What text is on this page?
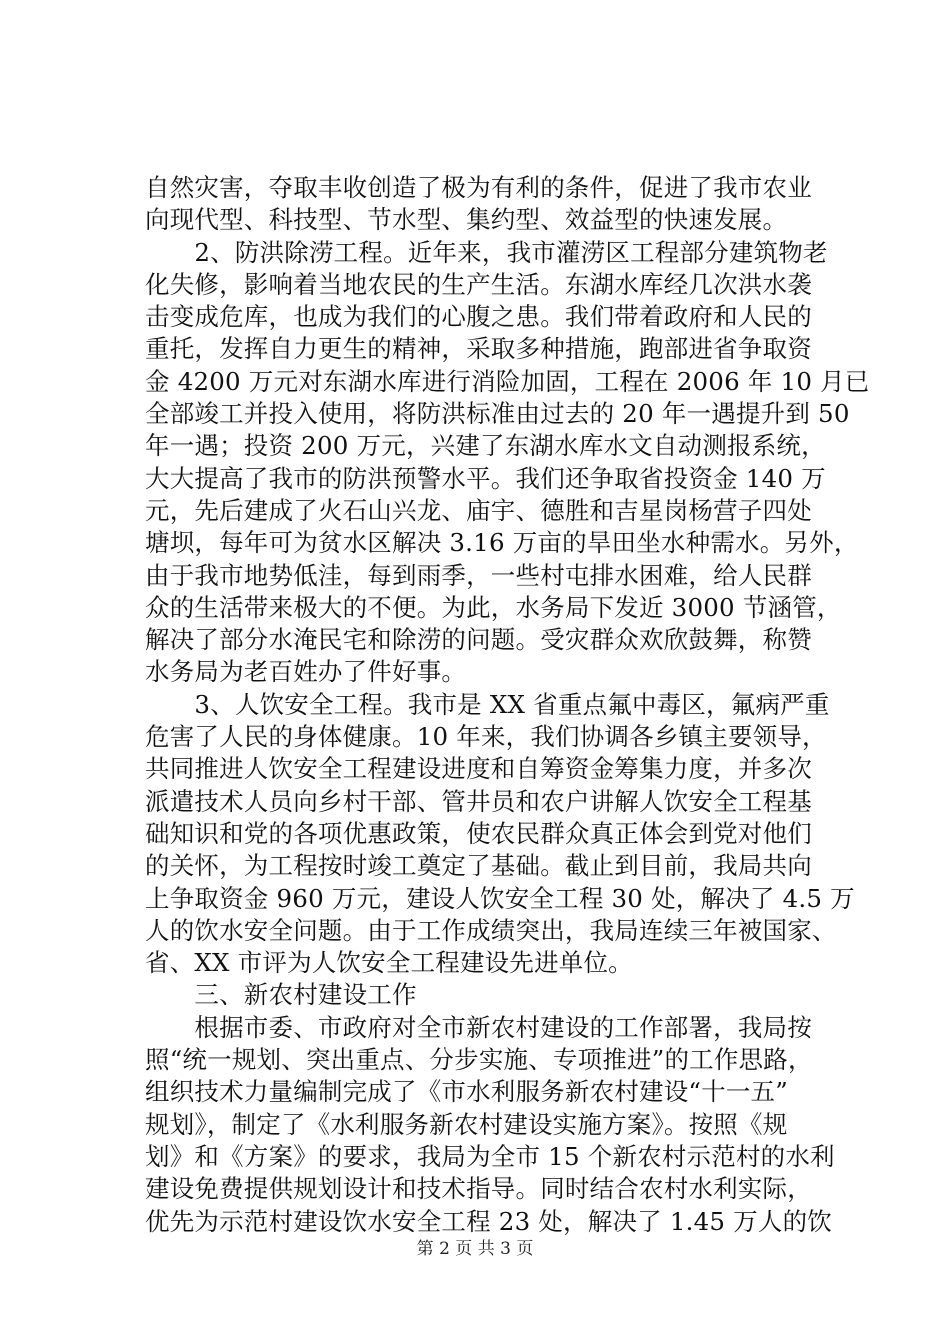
自然灾害，夺取丰收创造了极为有利的条件，促进了我市农业
向现代型、科技型、节水型、集约型、效益型的快速发展。
　　2、防洪除涝工程。近年来，我市灌涝区工程部分建筑物老
化失修，影响着当地农民的生产生活。东湖水库经几次洪水袭
击变成危库，也成为我们的心腹之患。我们带着政府和人民的
重托，发挥自力更生的精神，采取多种措施，跑部进省争取资
金 4200 万元对东湖水库进行消险加固，工程在 2006 年 10 月已
全部竣工并投入使用，将防洪标准由过去的 20 年一遇提升到 50
年一遇；投资 200 万元，兴建了东湖水库水文自动测报系统，
大大提高了我市的防洪预警水平。我们还争取省投资金 140 万
元，先后建成了火石山兴龙、庙宇、德胜和吉星岗杨营子四处
塘坝，每年可为贫水区解决 3.16 万亩的旱田坐水种需水。另外，
由于我市地势低洼，每到雨季，一些村屯排水困难，给人民群
众的生活带来极大的不便。为此，水务局下发近 3000 节涵管，
解决了部分水淹民宅和除涝的问题。受灾群众欢欣鼓舞，称赞
水务局为老百姓办了件好事。
　　3、人饮安全工程。我市是 XX 省重点氟中毒区，氟病严重
危害了人民的身体健康。10 年来，我们协调各乡镇主要领导，
共同推进人饮安全工程建设进度和自筹资金筹集力度，并多次
派遣技术人员向乡村干部、管井员和农户讲解人饮安全工程基
础知识和党的各项优惠政策，使农民群众真正体会到党对他们
的关怀，为工程按时竣工奠定了基础。截止到目前，我局共向
上争取资金 960 万元，建设人饮安全工程 30 处，解决了 4.5 万
人的饮水安全问题。由于工作成绩突出，我局连续三年被国家、
省、XX 市评为人饮安全工程建设先进单位。
　　三、新农村建设工作
　　根据市委、市政府对全市新农村建设的工作部署，我局按
照“统一规划、突出重点、分步实施、专项推进”的工作思路，
组织技术力量编制完成了《市水利服务新农村建设“十一五”
规划》，制定了《水利服务新农村建设实施方案》。按照《规
划》和《方案》的要求，我局为全市 15 个新农村示范村的水利
建设免费提供规划设计和技术指导。同时结合农村水利实际，
优先为示范村建设饮水安全工程 23 处，解决了 1.45 万人的饮
第 2 页 共 3 页
